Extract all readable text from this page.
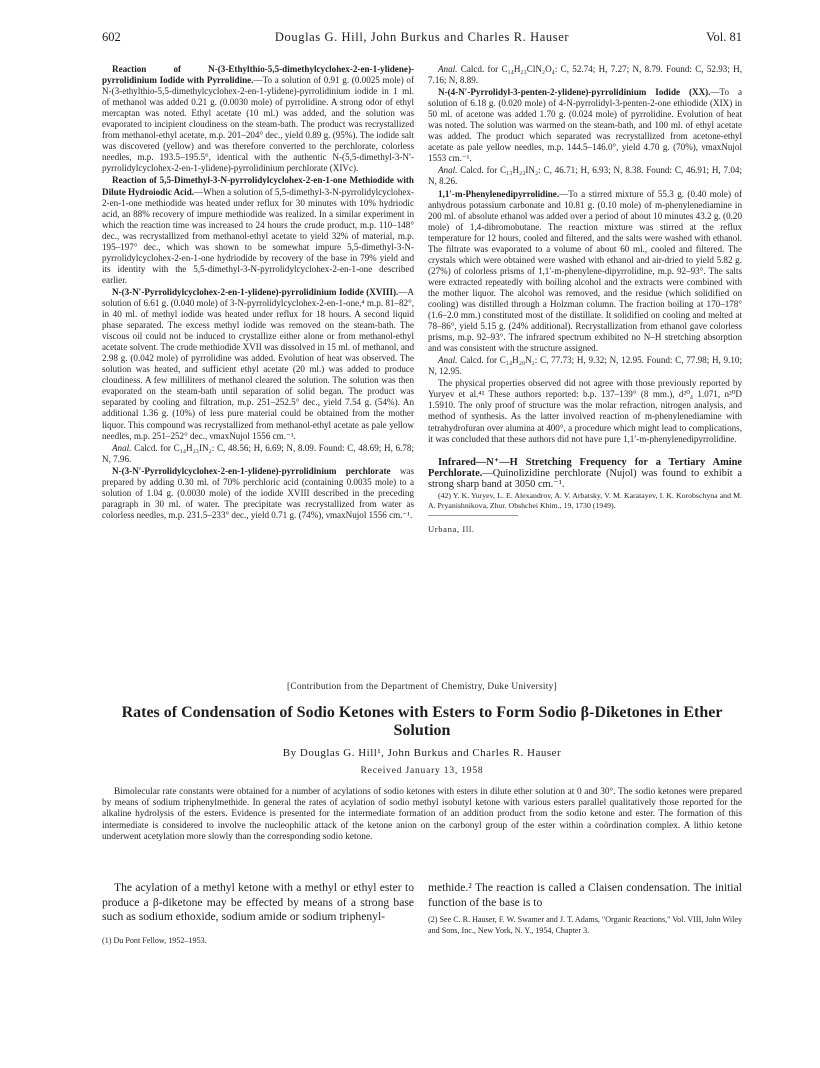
602	Douglas G. Hill, John Burkus and Charles R. Hauser	Vol. 81

Reaction of N-(3-Ethylthio-5,5-dimethylcyclohex-2-en-1-ylidene)-pyrrolidinium Iodide with Pyrrolidine.—To a solution of 0.91 g. (0.0025 mole) of N-(3-ethylthio-5,5-dimethylcyclohex-2-en-1-ylidene)-pyrrolidinium iodide in 1 ml. of methanol was added 0.21 g. (0.0030 mole) of pyrrolidine. A strong odor of ethyl mercaptan was noted. Ethyl acetate (10 ml.) was added, and the solution was evaporated to incipient cloudiness on the steam-bath. The product was recrystallized from methanol-ethyl acetate, m.p. 201–204° dec., yield 0.89 g. (95%). The iodide salt was discovered (yellow) and was therefore converted to the perchlorate, colorless needles, m.p. 193.5–195.5°, identical with the authentic N-(5,5-dimethyl-3-N′-pyrrolidylcyclohex-2-en-1-ylidene)-pyrrolidinium perchlorate (XIVc).

Reaction of 5,5-Dimethyl-3-N-pyrrolidylcyclohex-2-en-1-one Methiodide with Dilute Hydroiodic Acid.—When a solution of 5,5-dimethyl-3-N-pyrrolidylcyclohex-2-en-1-one methiodide was heated under reflux for 30 minutes with 10% hydriodic acid, an 88% recovery of impure methiodide was realized. In a similar experiment in which the reaction time was increased to 24 hours the crude product, m.p. 110–148° dec., was recrystallized from methanol-ethyl acetate to yield 32% of material, m.p. 195–197° dec., which was shown to be somewhat impure 5,5-dimethyl-3-N-pyrrolidylcyclohex-2-en-1-one hydriodide by recovery of the base in 79% yield and its identity with the 5,5-dimethyl-3-N-pyrrolidylcyclohex-2-en-1-one described earlier.

N-(3-N′-Pyrrolidylcyclohex-2-en-1-ylidene)-pyrrolidinium Iodide (XVIII).—A solution of 6.61 g. (0.040 mole) of 3-N-pyrrolidylcyclohex-2-en-1-one,⁴ m.p. 81–82°, in 40 ml. of methyl iodide was heated under reflux for 18 hours. A second liquid phase separated. The excess methyl iodide was removed on the steam-bath. The viscous oil could not be induced to crystallize either alone or from methanol-ethyl acetate solvent. The crude methiodide XVII was dissolved in 15 ml. of methanol, and 2.98 g. (0.042 mole) of pyrrolidine was added. Evolution of heat was observed. The solution was heated, and sufficient ethyl acetate (20 ml.) was added to produce cloudiness. A few milliliters of methanol cleared the solution. The solution was then evaporated on the steam-bath until separation of solid began. The product was separated by cooling and filtration, m.p. 251–252.5° dec., yield 7.54 g. (54%). An additional 1.36 g. (10%) of less pure material could be obtained from the mother liquor. This compound was recrystallized from methanol-ethyl acetate as pale yellow needles, m.p. 251–252° dec., νmaxNujol 1556 cm.⁻¹.

Anal. Calcd. for C₁₄H₂₃IN₂: C, 48.56; H, 6.69; N, 8.09. Found: C, 48.69; H, 6.78; N, 7.96.

N-(3-N′-Pyrrolidylcyclohex-2-en-1-ylidene)-pyrrolidinium perchlorate was prepared by adding 0.30 ml. of 70% perchloric acid (containing 0.0035 mole) to a solution of 1.04 g. (0.0030 mole) of the iodide XVIII described in the preceding paragraph in 30 ml. of water. The precipitate was recrystallized from water as colorless needles, m.p. 231.5–233° dec., yield 0.71 g. (74%), νmaxNujol 1556 cm.⁻¹.

Anal. Calcd. for C₁₄H₂₃ClN₂O₄: C, 52.74; H, 7.27; N, 8.79. Found: C, 52.93; H, 7.16; N, 8.89.

N-(4-N′-Pyrrolidyl-3-penten-2-ylidene)-pyrrolidinium Iodide (XX).—To a solution of 6.18 g. (0.020 mole) of 4-N-pyrrolidyl-3-penten-2-one ethiodide (XIX) in 50 ml. of acetone was added 1.70 g. (0.024 mole) of pyrrolidine. Evolution of heat was noted. The solution was warmed on the steam-bath, and 100 ml. of ethyl acetate was added. The product which separated was recrystallized from acetone-ethyl acetate as pale yellow needles, m.p. 144.5–146.0°, yield 4.70 g. (70%), νmaxNujol 1553 cm.⁻¹.

Anal. Calcd. for C₁₃H₂₃IN₂: C, 46.71; H, 6.93; N, 8.38. Found: C, 46.91; H, 7.04; N, 8.26.

1,1′-m-Phenylenedipyrrolidine.—To a stirred mixture of 55.3 g. (0.40 mole) of anhydrous potassium carbonate and 10.81 g. (0.10 mole) of m-phenylenediamine in 200 ml. of absolute ethanol was added over a period of about 10 minutes 43.2 g. (0.20 mole) of 1,4-dibromobutane. The reaction mixture was stirred at the reflux temperature for 12 hours, cooled and filtered, and the salts were washed with ethanol. The filtrate was evaporated to a volume of about 60 ml., cooled and filtered. The crystals which were obtained were washed with ethanol and air-dried to yield 5.82 g. (27%) of colorless prisms of 1,1′-m-phenylene-dipyrrolidine, m.p. 92–93°. The salts were extracted repeatedly with boiling alcohol and the extracts were combined with the mother liquor. The alcohol was removed, and the residue (which solidified on cooling) was distilled through a Holzman column. The fraction boiling at 170–178° (1.6–2.0 mm.) constituted most of the distillate. It solidified on cooling and melted at 78–86°, yield 5.15 g. (24% additional). Recrystallization from ethanol gave colorless prisms, m.p. 92–93°. The infrared spectrum exhibited no N–H stretching absorption and was consistent with the structure assigned.

Anal. Calcd. for C₁₄H₂₀N₂: C, 77.73; H, 9.32; N, 12.95. Found: C, 77.98; H, 9.10; N, 12.95.

The physical properties observed did not agree with those previously reported by Yuryev et al.⁴² These authors reported: b.p. 137–139° (8 mm.), d²⁰₄ 1.071, n²⁰D 1.5910. The only proof of structure was the molar refraction, nitrogen analysis, and method of synthesis. As the latter involved reaction of m-phenylenediamine with tetrahydrofuran over alumina at 400°, a procedure which might lead to complications, it was concluded that these authors did not have pure 1,1′-m-phenylenedipyrrolidine.

Infrared—N⁺—H Stretching Frequency for a Tertiary Amine Perchlorate.—Quinolizidine perchlorate (Nujol) was found to exhibit a strong sharp band at 3050 cm.⁻¹.

(42) Y. K. Yuryev, L. E. Alexandrov, A. V. Arbatsky, V. M. Karatayev, I. K. Korobschyna and M. A. Pryanishnikova, Zhur. Obshchei Khim., 19, 1730 (1949).

Urbana, Ill.

[Contribution from the Department of Chemistry, Duke University]
Rates of Condensation of Sodio Ketones with Esters to Form Sodio β-Diketones in Ether Solution
By Douglas G. Hill¹, John Burkus and Charles R. Hauser
Received January 13, 1958
Bimolecular rate constants were obtained for a number of acylations of sodio ketones with esters in dilute ether solution at 0 and 30°. The sodio ketones were prepared by means of sodium triphenylmethide. In general the rates of acylation of sodio methyl isobutyl ketone with various esters parallel qualitatively those reported for the alkaline hydrolysis of the esters. Evidence is presented for the intermediate formation of an addition product from the sodio ketone and ester. The formation of this intermediate is considered to involve the nucleophilic attack of the ketone anion on the carbonyl group of the ester within a coördination complex. A lithio ketone underwent acetylation more slowly than the corresponding sodio ketone.
The acylation of a methyl ketone with a methyl or ethyl ester to produce a β-diketone may be effected by means of a strong base such as sodium ethoxide, sodium amide or sodium triphenyl-
(1) Du Pont Fellow, 1952–1953.
methide.² The reaction is called a Claisen condensation. The initial function of the base is to
(2) See C. R. Hauser, F. W. Swamer and J. T. Adams, "Organic Reactions," Vol. VIII, John Wiley and Sons, Inc., New York, N. Y., 1954, Chapter 3.
